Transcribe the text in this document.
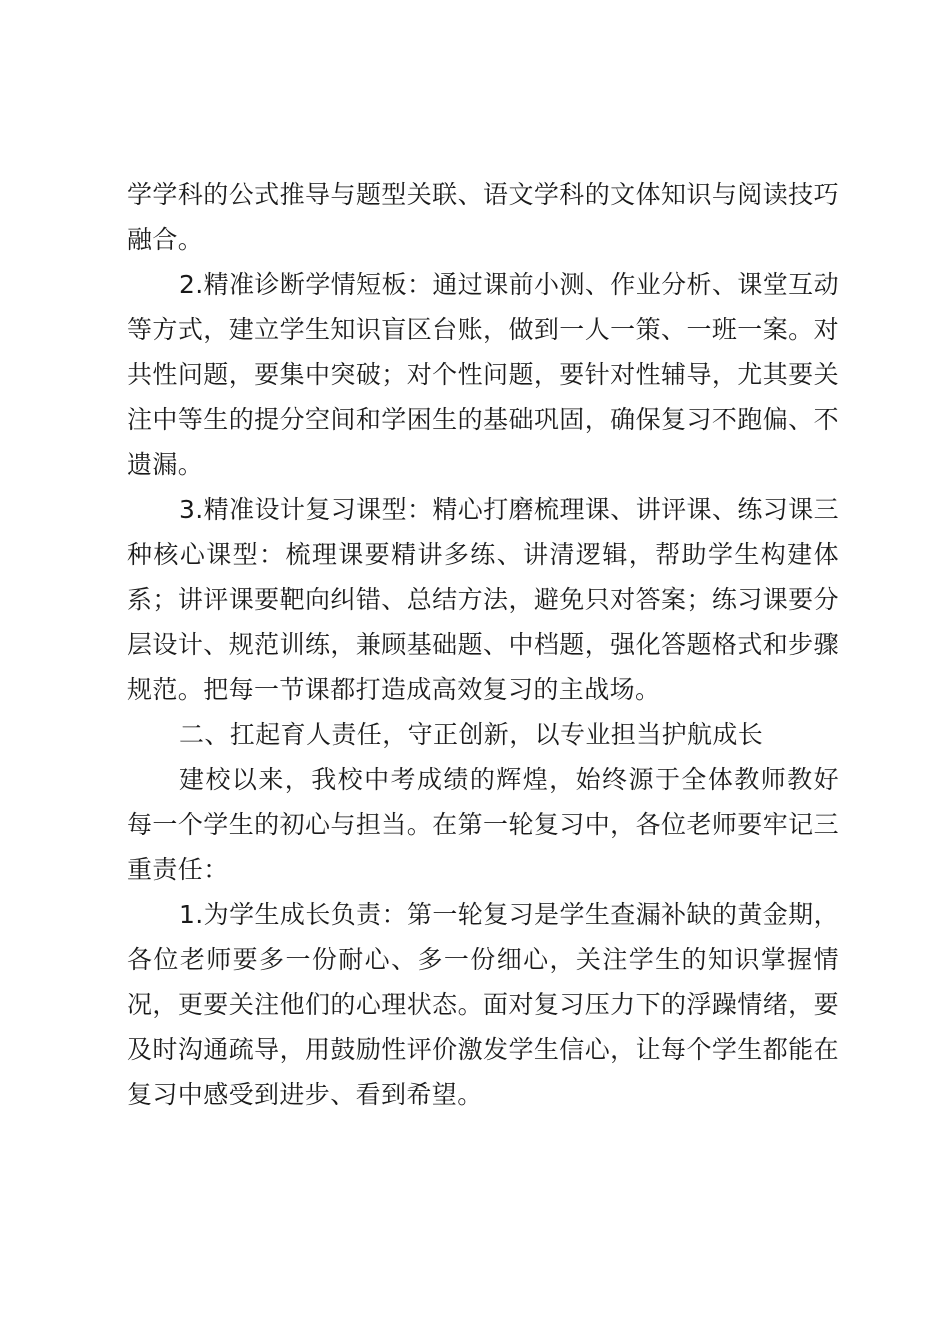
学学科的公式推导与题型关联、语文学科的文体知识与阅读技巧融合。

2.精准诊断学情短板：通过课前小测、作业分析、课堂互动等方式，建立学生知识盲区台账，做到一人一策、一班一案。对共性问题，要集中突破；对个性问题，要针对性辅导，尤其要关注中等生的提分空间和学困生的基础巩固，确保复习不跑偏、不遗漏。

3.精准设计复习课型：精心打磨梳理课、讲评课、练习课三种核心课型：梳理课要精讲多练、讲清逻辑，帮助学生构建体系；讲评课要靶向纠错、总结方法，避免只对答案；练习课要分层设计、规范训练，兼顾基础题、中档题，强化答题格式和步骤规范。把每一节课都打造成高效复习的主战场。

二、扛起育人责任，守正创新，以专业担当护航成长

建校以来，我校中考成绩的辉煌，始终源于全体教师教好每一个学生的初心与担当。在第一轮复习中，各位老师要牢记三重责任：

1.为学生成长负责：第一轮复习是学生查漏补缺的黄金期，各位老师要多一份耐心、多一份细心，关注学生的知识掌握情况，更要关注他们的心理状态。面对复习压力下的浮躁情绪，要及时沟通疏导，用鼓励性评价激发学生信心，让每个学生都能在复习中感受到进步、看到希望。
